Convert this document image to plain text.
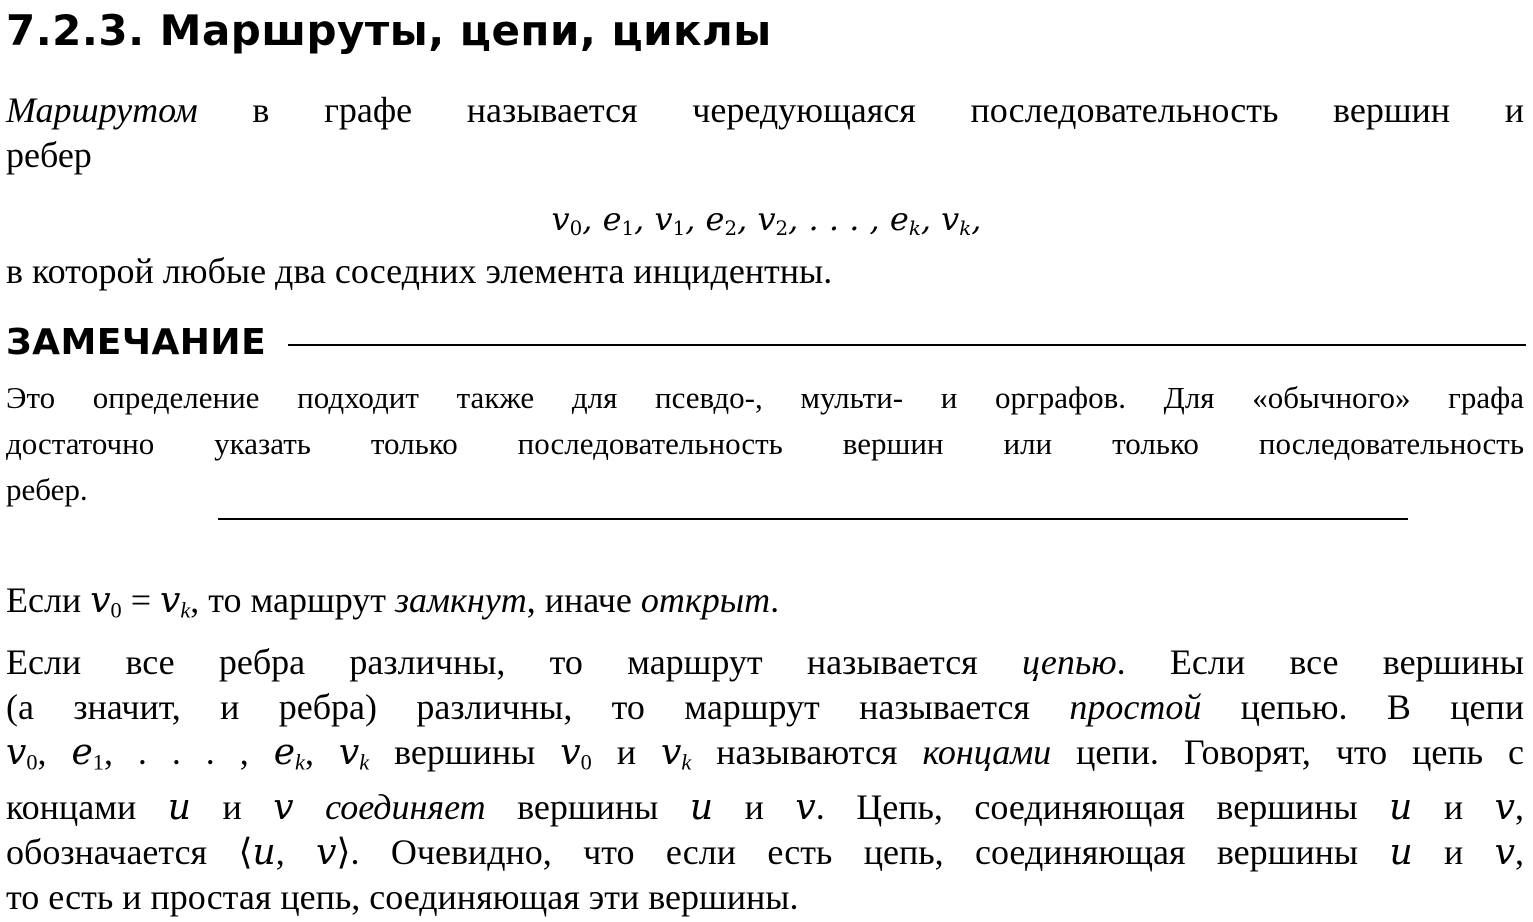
7.2.3. Маршруты, цепи, циклы
Маршрутом в графе называется чередующаяся последовательность вершин и
ребер
$v_0$, $e_1$, $v_1$, $e_2$, $v_2$, . . . , $e_k$, $v_k$,
в которой любые два соседних элемента инцидентны.
ЗАМЕЧАНИЕ
Это определение подходит также для псевдо-, мульти- и орграфов. Для «обычного» графа
достаточно указать только последовательность вершин или только последовательность
ребер.
Если $v_0 = v_k$, то маршрут замкнут, иначе открыт.
Если все ребра различны, то маршрут называется цепью. Если все вершины
(а значит, и ребра) различны, то маршрут называется простой цепью. В цепи
$v_0$, $e_1$, . . . , $e_k$, $v_k$ вершины $v_0$ и $v_k$ называются концами цепи. Говорят, что цепь с
концами u и v соединяет вершины u и v. Цепь, соединяющая вершины u и v,
обозначается ⟨u, v⟩. Очевидно, что если есть цепь, соединяющая вершины u и v,
то есть и простая цепь, соединяющая эти вершины.
